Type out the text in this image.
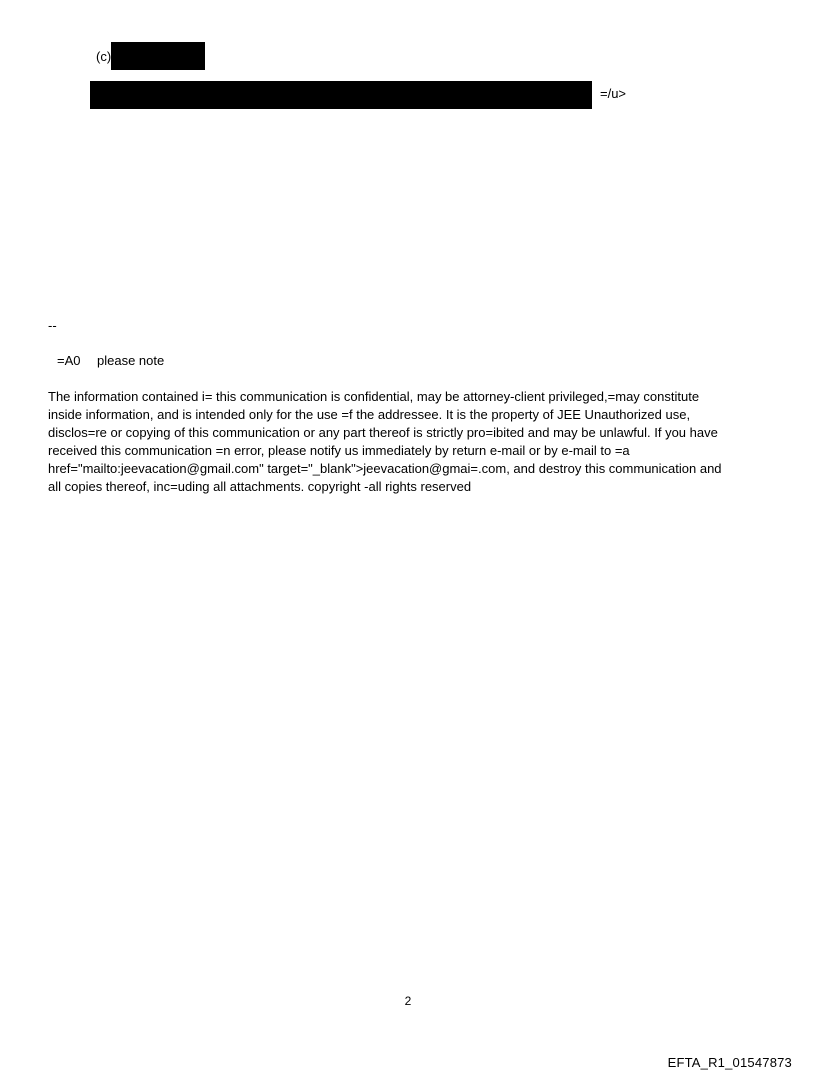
(c)
=/u>
--
=A0 please note
The information contained i= this communication is confidential, may be attorney-client privileged,=may constitute
inside information, and is intended only for the use =f the addressee. It is the property of JEE Unauthorized use,
disclos=re or copying of this communication or any part thereof is strictly pro=ibited and may be unlawful. If you have
received this communication =n error, please notify us immediately by return e-mail or by e-mail to =a
href="mailto:jeevacation@gmail.com" target="_blank">jeevacation@gmai=.com, and destroy this communication and
all copies thereof, inc=uding all attachments. copyright -all rights reserved
2
EFTA_R1_01547873
